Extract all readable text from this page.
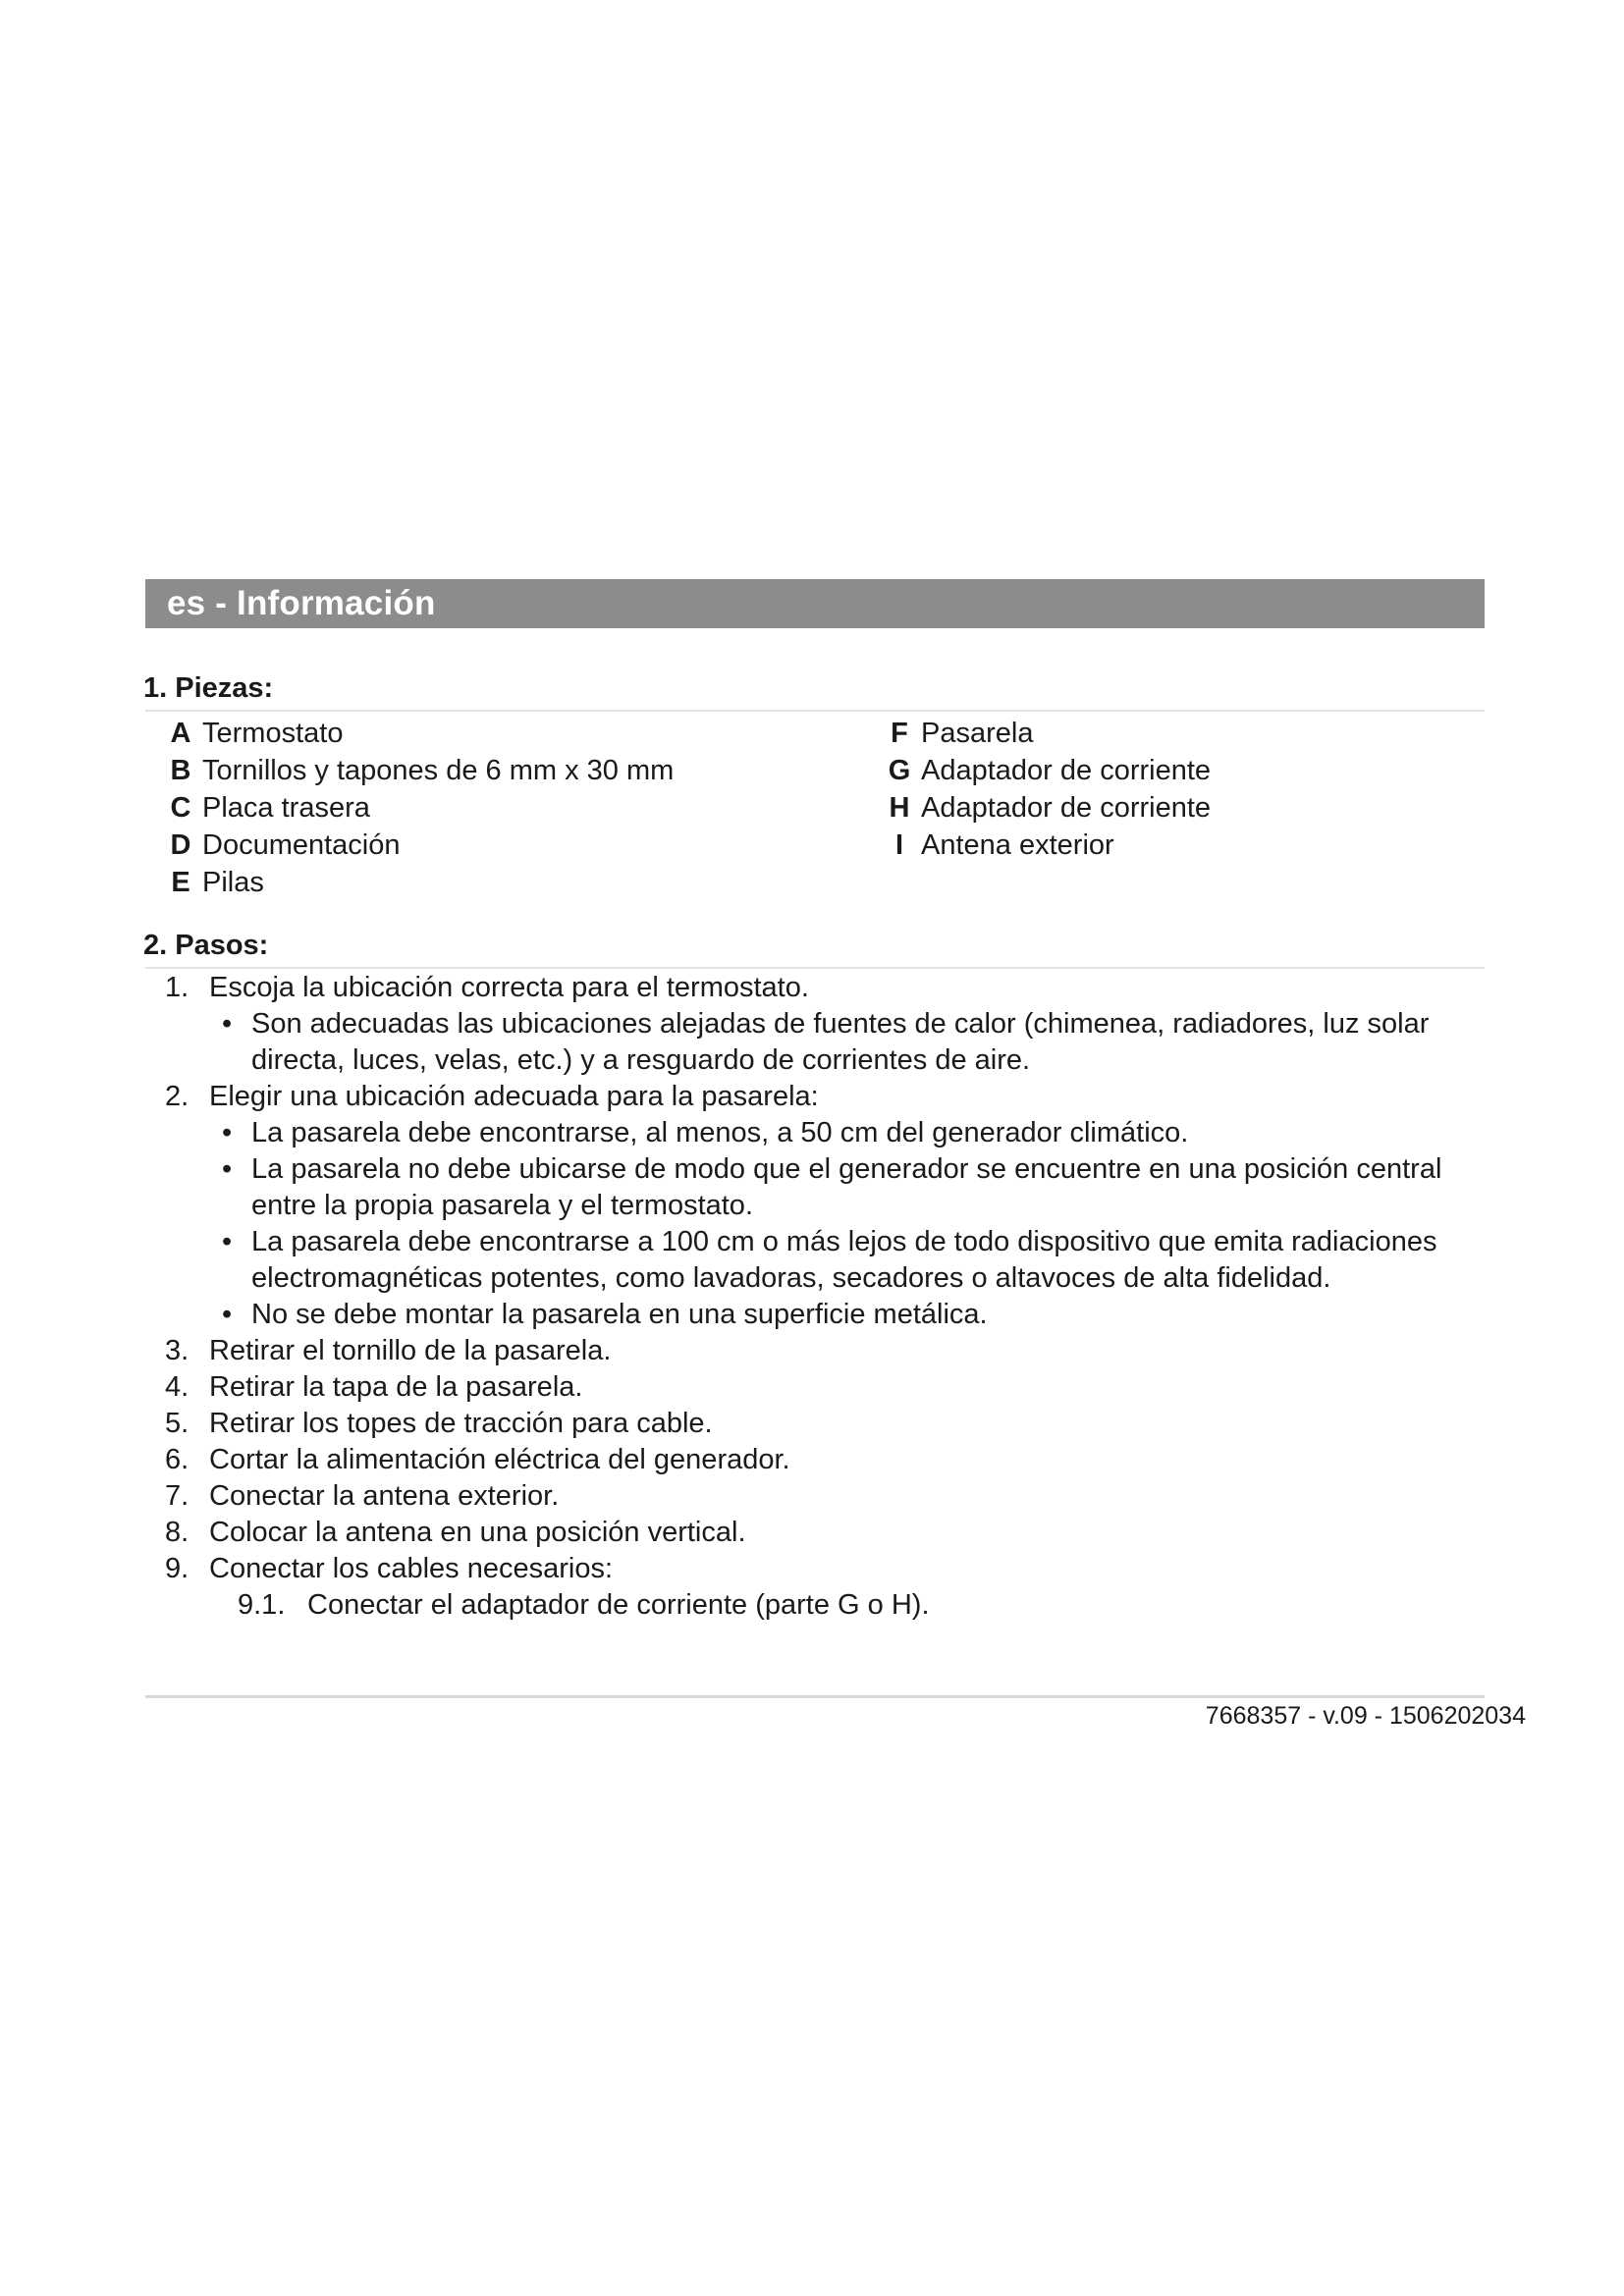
es - Información
1. Piezas:
A Termostato
B Tornillos y tapones de 6 mm x 30 mm
C Placa trasera
D Documentación
E Pilas
F Pasarela
G Adaptador de corriente
H Adaptador de corriente
I Antena exterior
2. Pasos:
1. Escoja la ubicación correcta para el termostato.
• Son adecuadas las ubicaciones alejadas de fuentes de calor (chimenea, radiadores, luz solar directa, luces, velas, etc.) y a resguardo de corrientes de aire.
2. Elegir una ubicación adecuada para la pasarela:
• La pasarela debe encontrarse, al menos, a 50 cm del generador climático.
• La pasarela no debe ubicarse de modo que el generador se encuentre en una posición central entre la propia pasarela y el termostato.
• La pasarela debe encontrarse a 100 cm o más lejos de todo dispositivo que emita radiaciones electromagnéticas potentes, como lavadoras, secadores o altavoces de alta fidelidad.
• No se debe montar la pasarela en una superficie metálica.
3. Retirar el tornillo de la pasarela.
4. Retirar la tapa de la pasarela.
5. Retirar los topes de tracción para cable.
6. Cortar la alimentación eléctrica del generador.
7. Conectar la antena exterior.
8. Colocar la antena en una posición vertical.
9. Conectar los cables necesarios:
9.1. Conectar el adaptador de corriente (parte G o H).
7668357 - v.09 - 1506202034
